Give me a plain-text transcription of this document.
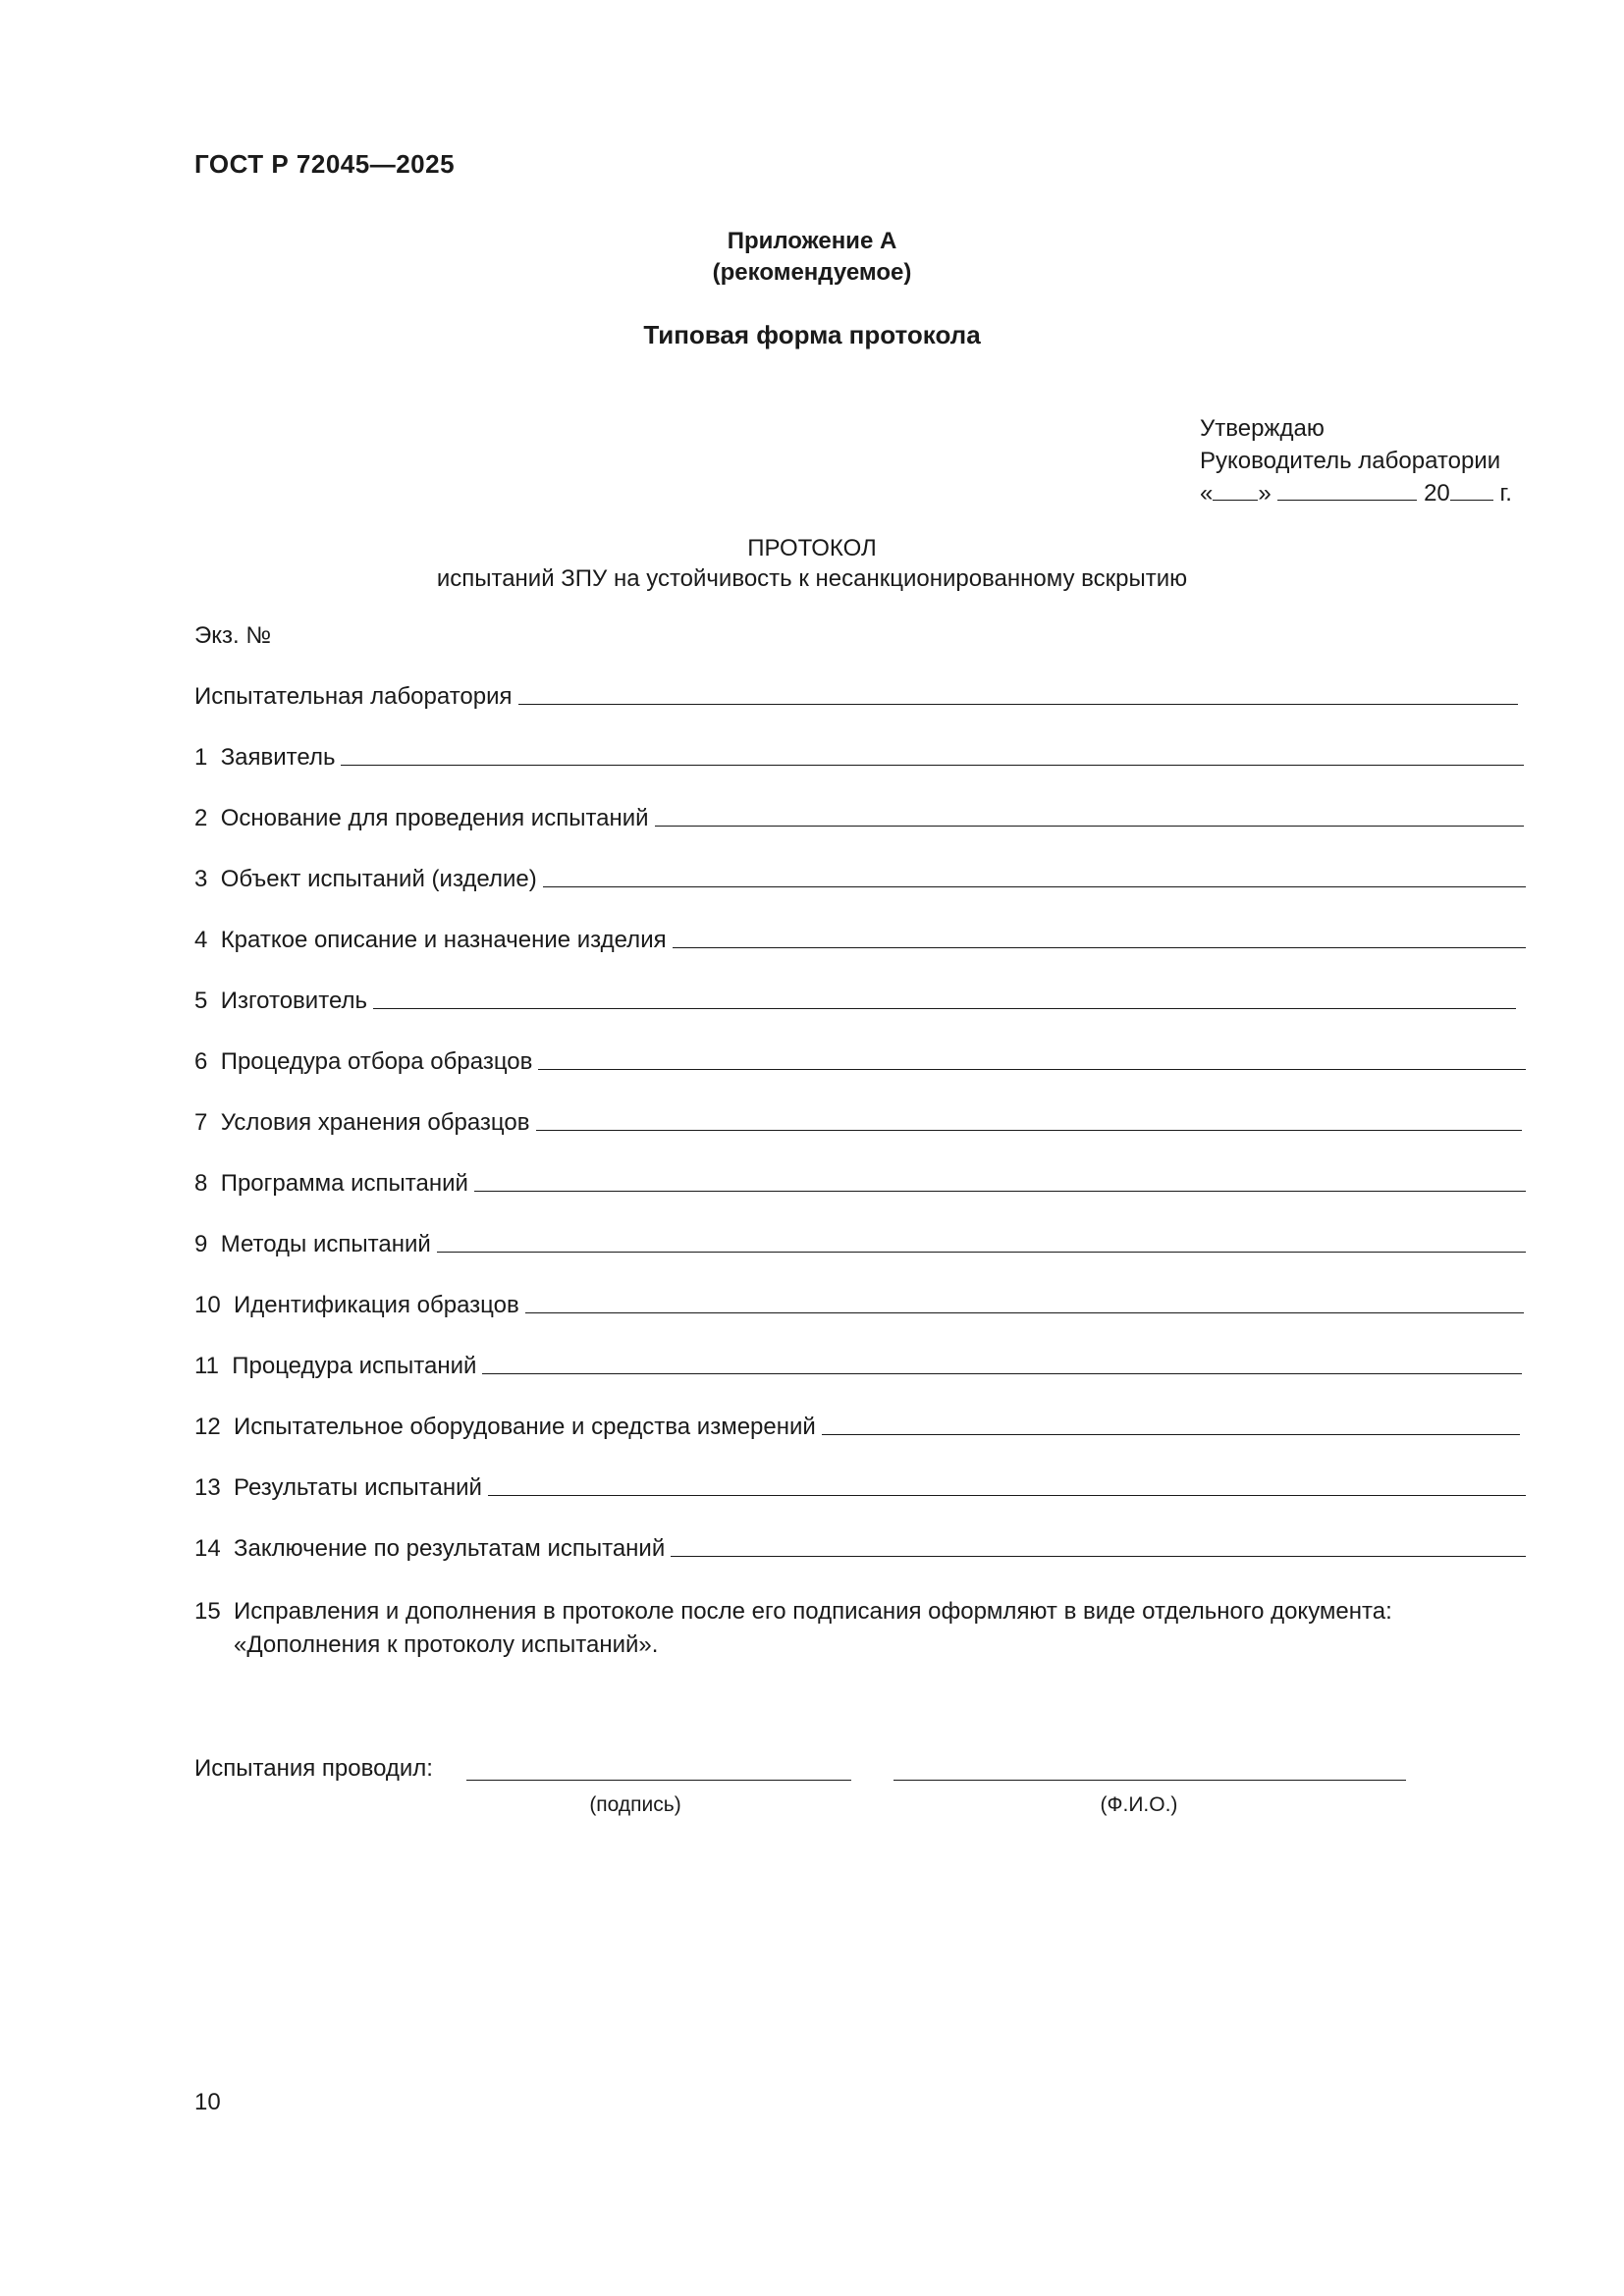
ГОСТ Р 72045—2025
Приложение А
(рекомендуемое)
Типовая форма протокола
Утверждаю
Руководитель лаборатории
« »	20 г.
ПРОТОКОЛ
испытаний ЗПУ на устойчивость к несанкционированному вскрытию
Экз. №
Испытательная лаборатория
1 Заявитель
2 Основание для проведения испытаний
3 Объект испытаний (изделие)
4 Краткое описание и назначение изделия
5 Изготовитель
6 Процедура отбора образцов
7 Условия хранения образцов
8 Программа испытаний
9 Методы испытаний
10 Идентификация образцов
11 Процедура испытаний
12 Испытательное оборудование и средства измерений
13 Результаты испытаний
14 Заключение по результатам испытаний
15 Исправления и дополнения в протоколе после его подписания оформляют в виде отдельного документа:
«Дополнения к протоколу испытаний».
Испытания проводил:
(подпись)	(Ф.И.О.)
10
